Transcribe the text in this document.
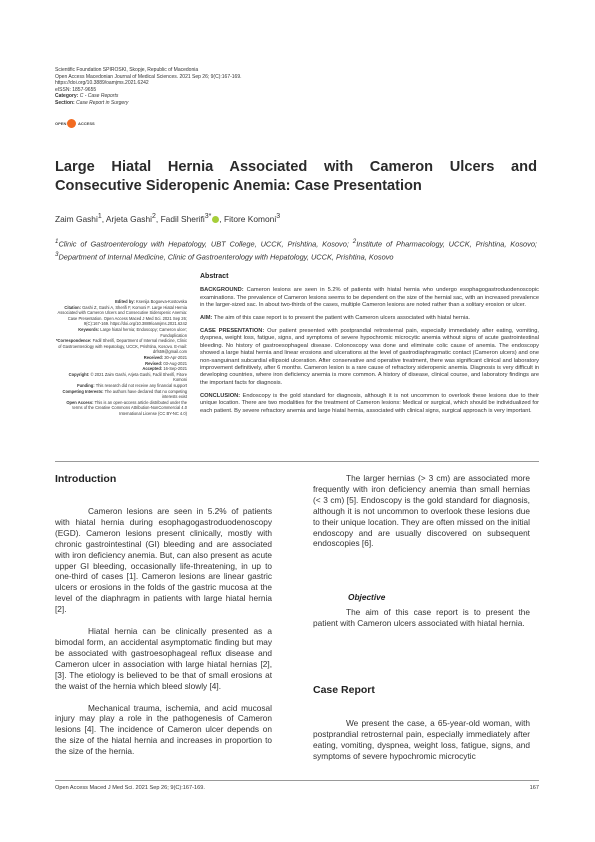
Scientific Foundation SPIROSKI, Skopje, Republic of Macedonia
Open Access Macedonian Journal of Medical Sciences. 2021 Sep 26; 9(C):167-169.
https://doi.org/10.3889/oamjms.2021.6242
eISSN: 1857-9655
Category: C - Case Reports
Section: Case Report in Surgery
OPEN	ACCESS
Large Hiatal Hernia Associated with Cameron Ulcers and Consecutive Sideropenic Anemia: Case Presentation
Zaim Gashi$^1$, Arjeta Gashi$^2$, Fadil Sherifi$^{3*}$ , Fitore Komoni$^3$
$^1$Clinic of Gastroenterology with Hepatology, UBT College, UCCK, Prishtina, Kosovo; $^2$Institute of Pharmacology, UCCK, Prishtina, Kosovo; $^3$Department of Internal Medicine, Clinic of Gastroenterology with Hepatology, UCCK, Prishtina, Kosovo

Edited by: Ksenija Bogoeva-Kostovska

Citation: Gashi Z, Gashi A, Sherifi F, Komoni F. Large Hiatal Hernia Associated with Cameron Ulcers and Consecutive Sideropenic Anemia: Case Presentation. Open Access Maced J Med Sci. 2021 Sep 26; 9(C):167-169. https://doi.org/10.3889/oamjms.2021.6242

Keywords: Large hiatal hernia; Endoscopy; Cameron ulcer; Fundoplication

*Correspondence: Fadil Sherifi, Department of Internal medicine, Clinic of Gastroenterology with Hepatology, UCCK, Prishtina, Kosovo. E-mail: drfs59@gmail.com

Received: 30-Apr-2021

Revised: 03-Aug-2021

Accepted: 16-Sep-2021

Copyright: © 2021 Zaim Gashi, Arjeta Gashi, Fadil Sherifi, Fitore Komoni

Funding: This research did not receive any financial support

Competing Interests: The authors have declared that no competing interests exist

Open Access: This is an open-access article distributed under the terms of the Creative Commons Attribution-NonCommercial 4.0 International License (CC BY-NC 4.0)

Abstract

BACKGROUND: Cameron lesions are seen in 5.2% of patients with hiatal hernia who undergo esophagogastroduodenoscopic examinations. The prevalence of Cameron lesions seems to be dependent on the size of the hernial sac, with an increased prevalence in the larger-sized sac. In about two-thirds of the cases, multiple Cameron lesions are noted rather than a solitary erosion or ulcer.

AIM: The aim of this case report is to present the patient with Cameron ulcers associated with hiatal hernia.

CASE PRESENTATION: Our patient presented with postprandial retrosternal pain, especially immediately after eating, vomiting, dyspnea, weight loss, fatigue, signs, and symptoms of severe hypochromic microcytic anemia without signs of acute gastrointestinal bleeding. No history of gastroesophageal disease. Colonoscopy was done and eliminate colic cause of anemia. The endoscopy showed a large hiatal hernia and linear erosions and ulcerations at the level of gastrodiaphragmatic contact (Cameron ulcers) and one non-sanguinant subcardial ellipsoid ulceration. After conservative and operative treatment, there was significant clinical and laboratory improvement definitively, after 6 months. Cameron lesion is a rare cause of refractory sideropenic anemia. Diagnosis is very difficult in developing countries, where iron deficiency anemia is more common. A history of disease, clinical course, and laboratory findings are the important facts for diagnosis.

CONCLUSION: Endoscopy is the gold standard for diagnosis, although it is not uncommon to overlook these lesions due to their unique location. There are two modalities for the treatment of Cameron lesions: Medical or surgical, which should be individualized for each patient. By severe refractory anemia and large hiatal hernia, associated with clinical signs, surgical approach is very important.

Introduction

Cameron lesions are seen in 5.2% of patients with hiatal hernia during esophagogastroduodenoscopy (EGD). Cameron lesions present clinically, mostly with chronic gastrointestinal (GI) bleeding and are associated with iron deficiency anemia. But, can also present as acute upper GI bleeding, occasionally life-threatening, in up to one-third of cases [1]. Cameron lesions are linear gastric ulcers or erosions in the folds of the gastric mucosa at the level of the diaphragm in patients with large hiatal hernia [2].

Hiatal hernia can be clinically presented as a bimodal form, an accidental asymptomatic finding but may be associated with gastroesophageal reflux disease and Cameron ulcer in association with large hiatal hernias [2], [3]. The etiology is believed to be that of small erosions at the waist of the hernia which bleed slowly [4].

Mechanical trauma, ischemia, and acid mucosal injury may play a role in the pathogenesis of Cameron lesions [4]. The incidence of Cameron ulcer depends on the size of the hiatal hernia and increases in proportion to the size of the hernia.

The larger hernias (> 3 cm) are associated more frequently with iron deficiency anemia than small hernias (< 3 cm) [5]. Endoscopy is the gold standard for diagnosis, although it is not uncommon to overlook these lesions due to their unique location. They are often missed on the initial endoscopy and are usually discovered on subsequent endoscopies [6].

Objective

The aim of this case report is to present the patient with Cameron ulcers associated with hiatal hernia.

Case Report

We present the case, a 65-year-old woman, with postprandial retrosternal pain, especially immediately after eating, vomiting, dyspnea, weight loss, fatigue, signs, and symptoms of severe hypochromic microcytic

Open Access Maced J Med Sci. 2021 Sep 26; 9(C):167-169.	167
